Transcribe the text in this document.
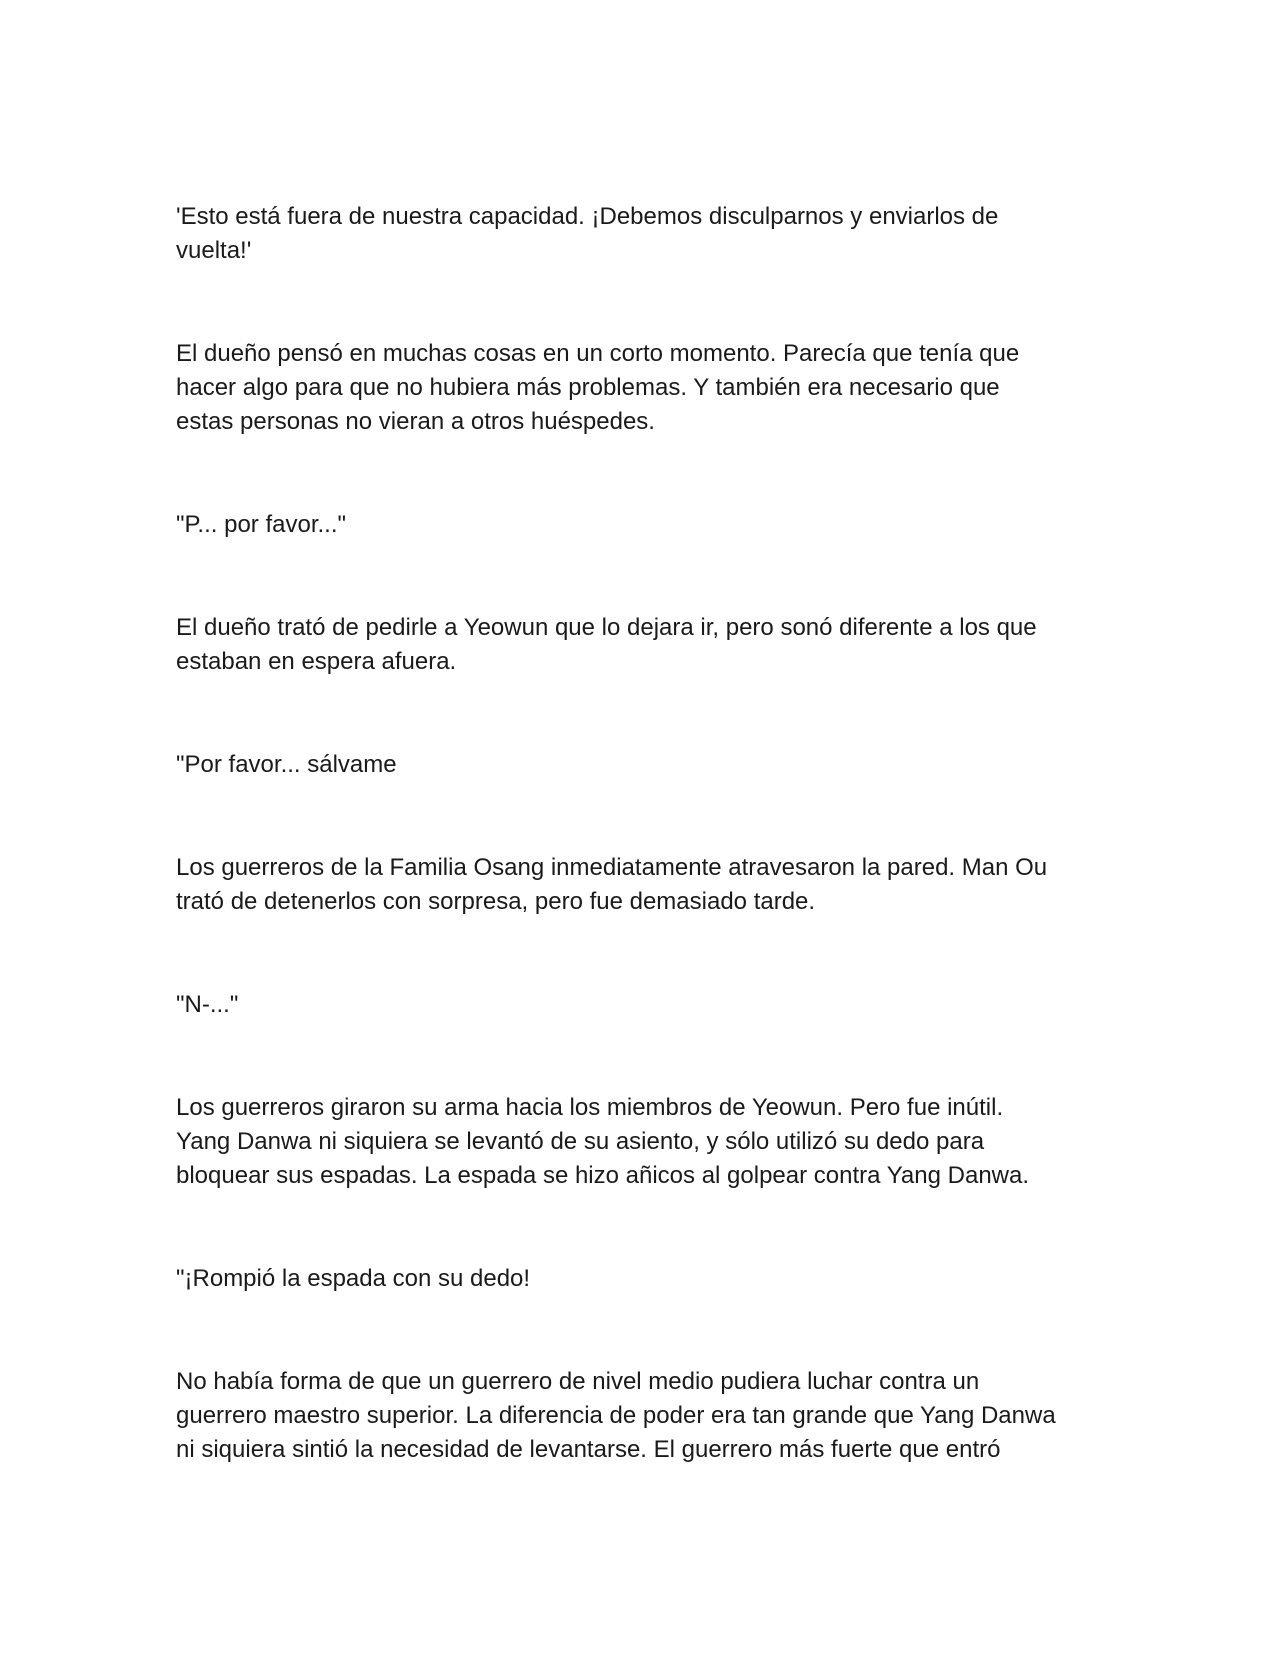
'Esto está fuera de nuestra capacidad. ¡Debemos disculparnos y enviarlos de
vuelta!'

El dueño pensó en muchas cosas en un corto momento. Parecía que tenía que
hacer algo para que no hubiera más problemas. Y también era necesario que
estas personas no vieran a otros huéspedes.

"P... por favor..."

El dueño trató de pedirle a Yeowun que lo dejara ir, pero sonó diferente a los que
estaban en espera afuera.

"Por favor... sálvame

Los guerreros de la Familia Osang inmediatamente atravesaron la pared. Man Ou
trató de detenerlos con sorpresa, pero fue demasiado tarde.

"N-..."

Los guerreros giraron su arma hacia los miembros de Yeowun. Pero fue inútil.
Yang Danwa ni siquiera se levantó de su asiento, y sólo utilizó su dedo para
bloquear sus espadas. La espada se hizo añicos al golpear contra Yang Danwa.

"¡Rompió la espada con su dedo!

No había forma de que un guerrero de nivel medio pudiera luchar contra un
guerrero maestro superior. La diferencia de poder era tan grande que Yang Danwa
ni siquiera sintió la necesidad de levantarse. El guerrero más fuerte que entró
